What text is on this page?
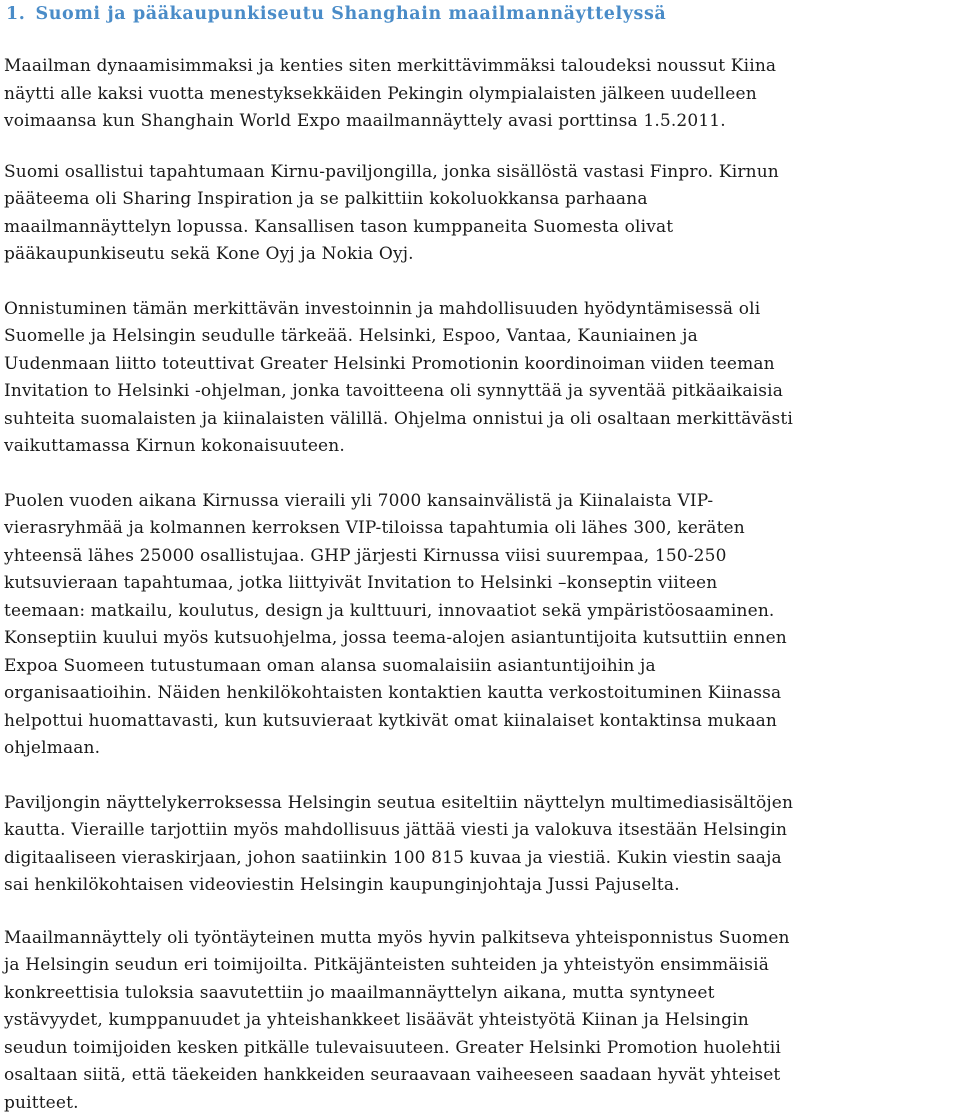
1. Suomi ja pääkaupunkiseutu Shanghain maailmannäyttelyssä
Maailman dynaamisimmaksi ja kenties siten merkittävimmäksi taloudeksi noussut Kiina
näytti alle kaksi vuotta menestyksekkäiden Pekingin olympialaisten jälkeen uudelleen
voimaansa kun Shanghain World Expo maailmannäyttely avasi porttinsa 1.5.2011.
Suomi osallistui tapahtumaan Kirnu-paviljongilla, jonka sisällöstä vastasi Finpro. Kirnun
pääteema oli Sharing Inspiration ja se palkittiin kokoluokkansa parhaana
maailmannäyttelyn lopussa. Kansallisen tason kumppaneita Suomesta olivat
pääkaupunkiseutu sekä Kone Oyj ja Nokia Oyj.
Onnistuminen tämän merkittävän investoinnin ja mahdollisuuden hyödyntämisessä oli
Suomelle ja Helsingin seudulle tärkeää. Helsinki, Espoo, Vantaa, Kauniainen ja
Uudenmaan liitto toteuttivat Greater Helsinki Promotionin koordinoiman viiden teeman
Invitation to Helsinki -ohjelman, jonka tavoitteena oli synnyttää ja syventää pitkäaikaisia
suhteita suomalaisten ja kiinalaisten välillä. Ohjelma onnistui ja oli osaltaan merkittävästi
vaikuttamassa Kirnun kokonaisuuteen.
Puolen vuoden aikana Kirnussa vieraili yli 7000 kansainvälistä ja Kiinalaista VIP-
vierasryhmää ja kolmannen kerroksen VIP-tiloissa tapahtumia oli lähes 300, keräten
yhteensä lähes 25000 osallistujaa. GHP järjesti Kirnussa viisi suurempaa, 150-250
kutsuvieraan tapahtumaa, jotka liittyivät Invitation to Helsinki –konseptin viiteen
teemaan: matkailu, koulutus, design ja kulttuuri, innovaatiot sekä ympäristöosaaminen.
Konseptiin kuului myös kutsuohjelma, jossa teema-alojen asiantuntijoita kutsuttiin ennen
Expoa Suomeen tutustumaan oman alansa suomalaisiin asiantuntijoihin ja
organisaatioihin. Näiden henkilökohtaisten kontaktien kautta verkostoituminen Kiinassa
helpottui huomattavasti, kun kutsuvieraat kytkivät omat kiinalaiset kontaktinsa mukaan
ohjelmaan.
Paviljongin näyttelykerroksessa Helsingin seutua esiteltiin näyttelyn multimediasisältöjen
kautta. Vieraille tarjottiin myös mahdollisuus jättää viesti ja valokuva itsestään Helsingin
digitaaliseen vieraskirjaan, johon saatiinkin 100 815 kuvaa ja viestiä. Kukin viestin saaja
sai henkilökohtaisen videoviestin Helsingin kaupunginjohtaja Jussi Pajuselta.
Maailmannäyttely oli työntäyteinen mutta myös hyvin palkitseva yhteisponnistus Suomen
ja Helsingin seudun eri toimijoilta. Pitkäjänteisten suhteiden ja yhteistyön ensimmäisiä
konkreettisia tuloksia saavutettiin jo maailmannäyttelyn aikana, mutta syntyneet
ystävyydet, kumppanuudet ja yhteishankkeet lisäävät yhteistyötä Kiinan ja Helsingin
seudun toimijoiden kesken pitkälle tulevaisuuteen. Greater Helsinki Promotion huolehtii
osaltaan siitä, että täekeiden hankkeiden seuraavaan vaiheeseen saadaan hyvät yhteiset
puitteet.
